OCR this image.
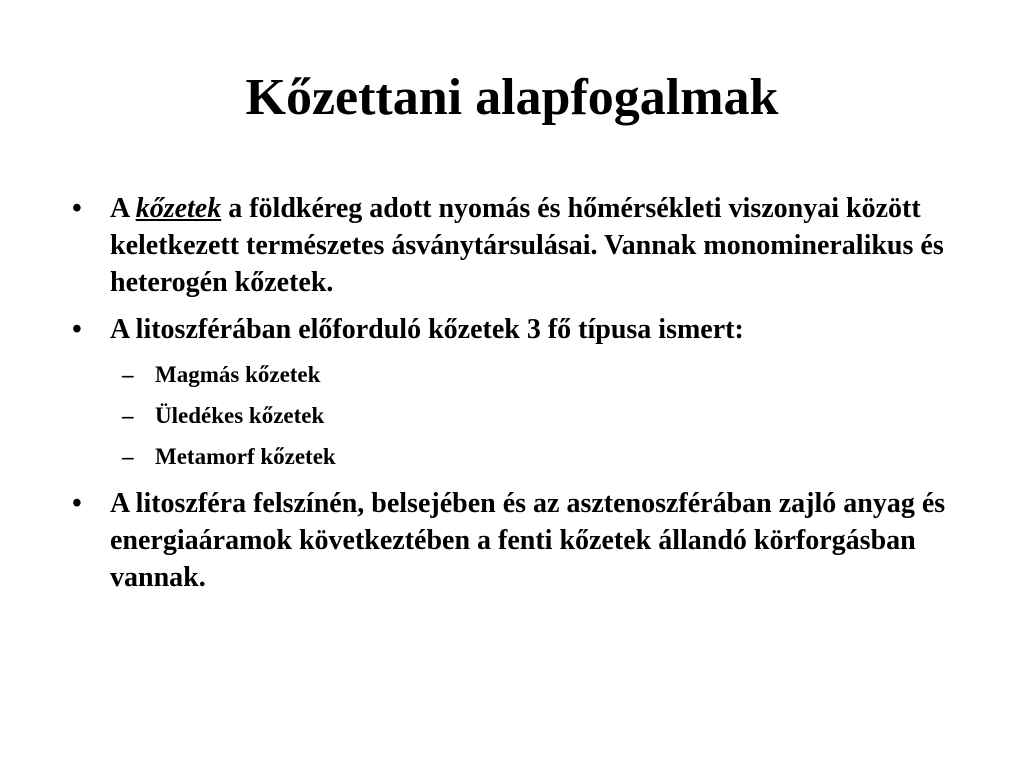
Kőzettani alapfogalmak
• A kőzetek a földkéreg adott nyomás és hőmérsékleti viszonyai között keletkezett természetes ásványtársulásai. Vannak monomineralikus és heterogén kőzetek.
• A litoszférában előforduló kőzetek 3 fő típusa ismert:
– Magmás kőzetek
– Üledékes kőzetek
– Metamorf kőzetek
• A litoszféra felszínén, belsejében és az asztenoszférában zajló anyag és energiaáramok következtében a fenti kőzetek állandó körforgásban vannak.
